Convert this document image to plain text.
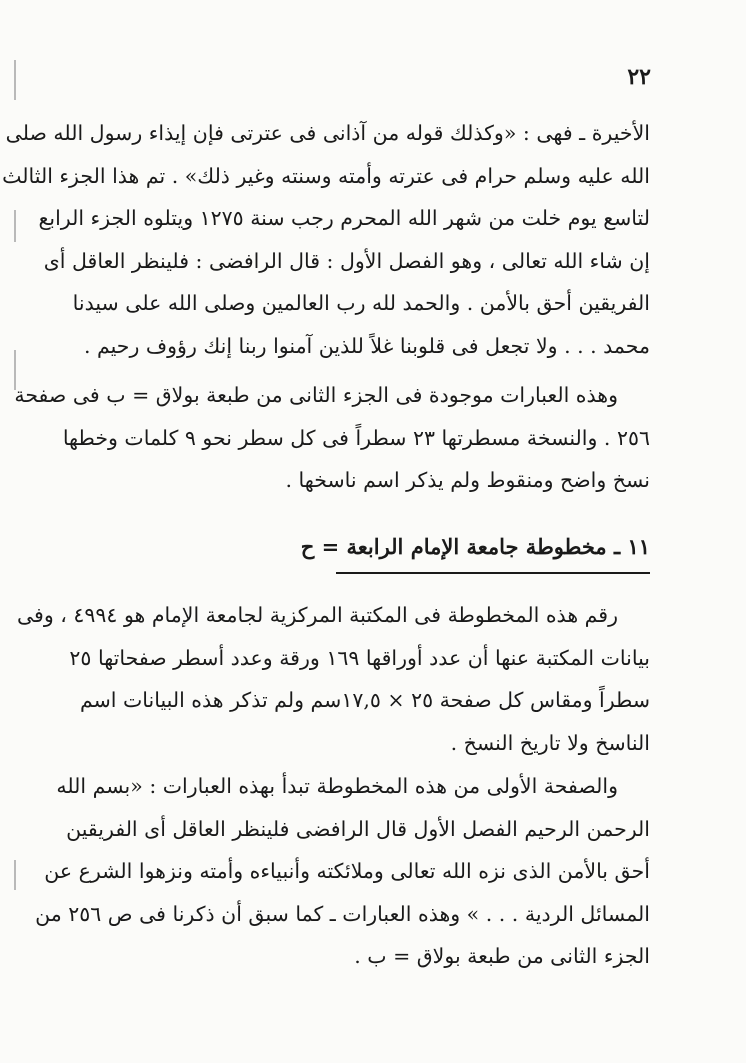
٢٢
الأخيرة ـ فهى : «وكذلك قوله من آذانى فى عترتى فإن إيذاء رسول الله صلى
الله عليه وسلم حرام فى عترته وأمته وسنته وغير ذلك» . تم هذا الجزء الثالث
لتاسع يوم خلت من شهر الله المحرم رجب سنة ١٢٧٥ ويتلوه الجزء الرابع
إن شاء الله تعالى ، وهو الفصل الأول : قال الرافضى : فلينظر العاقل أى
الفريقين أحق بالأمن . والحمد لله رب العالمين وصلى الله على سيدنا
محمد . . . ولا تجعل فى قلوبنا غلاً للذين آمنوا ربنا إنك رؤوف رحيم .
وهذه العبارات موجودة فى الجزء الثانى من طبعة بولاق = ب فى صفحة
٢٥٦ . والنسخة مسطرتها ٢٣ سطراً فى كل سطر نحو ٩ كلمات وخطها
نسخ واضح ومنقوط ولم يذكر اسم ناسخها .
١١ ـ مخطوطة جامعة الإمام الرابعة = ح
رقم هذه المخطوطة فى المكتبة المركزية لجامعة الإمام هو ٤٩٩٤ ، وفى
بيانات المكتبة عنها أن عدد أوراقها ١٦٩ ورقة وعدد أسطر صفحاتها ٢٥
سطراً ومقاس كل صفحة ٢٥ × ١٧,٥سم ولم تذكر هذه البيانات اسم
الناسخ ولا تاريخ النسخ .
والصفحة الأولى من هذه المخطوطة تبدأ بهذه العبارات : «بسم الله
الرحمن الرحيم الفصل الأول قال الرافضى فلينظر العاقل أى الفريقين
أحق بالأمن الذى نزه الله تعالى وملائكته وأنبياءه وأمته ونزهوا الشرع عن
المسائل الردية . . . » وهذه العبارات ـ كما سبق أن ذكرنا فى ص ٢٥٦ من
الجزء الثانى من طبعة بولاق = ب .
